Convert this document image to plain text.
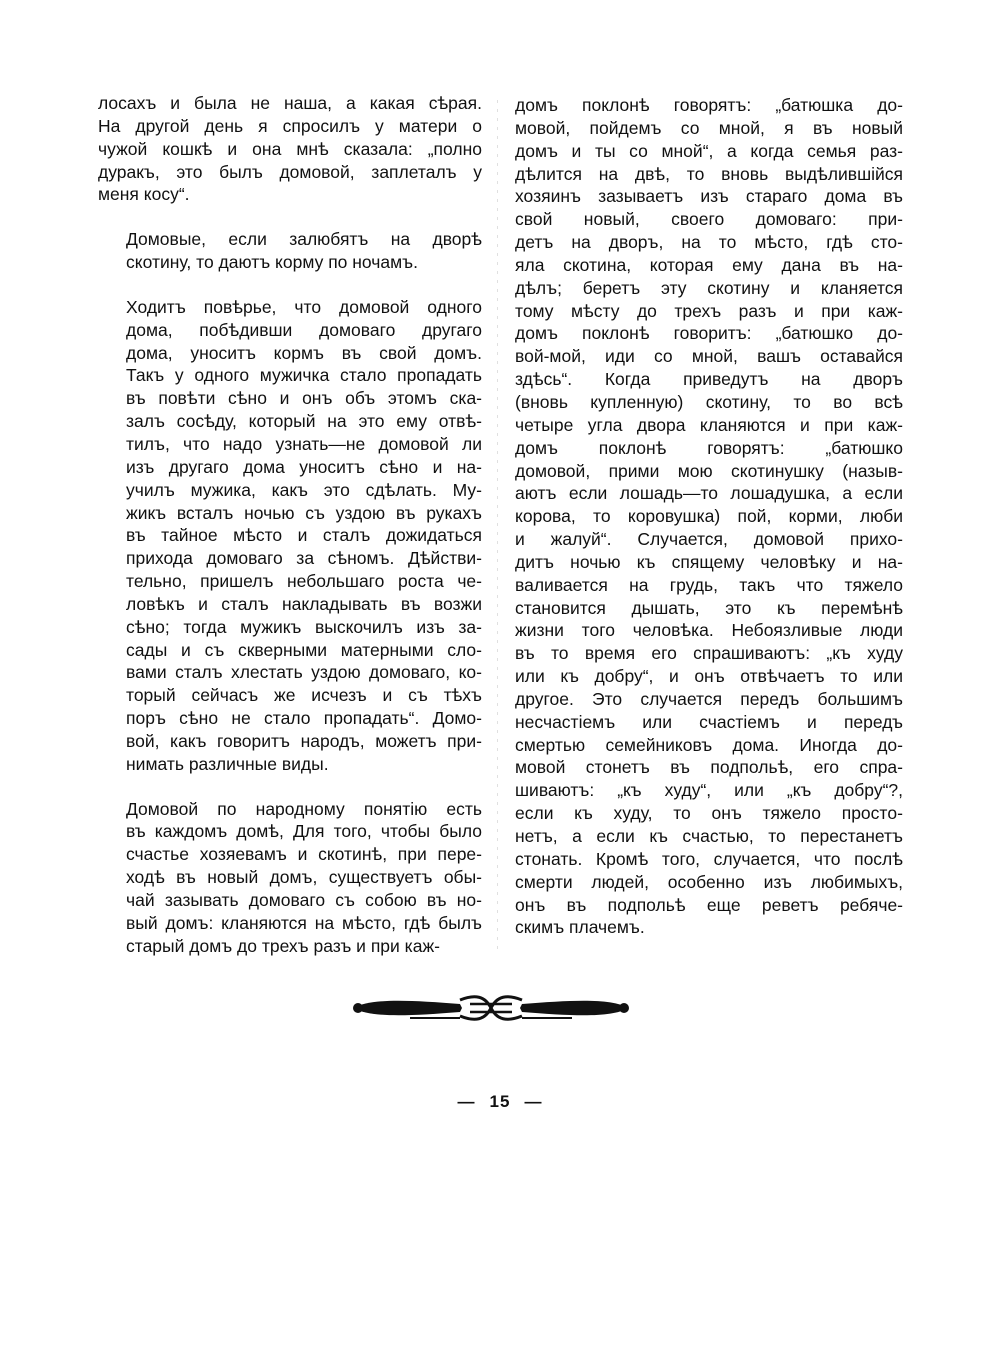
лосахъ и была не наша, а какая сѣрая.
На другой день я спросилъ у матери о
чужой кошкѣ и она мнѣ сказала: „полно
дуракъ, это былъ домовой, заплеталъ у
меня косу“.
Домовые, если залюбятъ на дворѣ
скотину, то даютъ корму по ночамъ.
Ходитъ повѣрье, что домовой одного
дома, побѣдивши домоваго другаго
дома, уноситъ кормъ въ свой домъ.
Такъ у одного мужичка стало пропадать
въ повѣти сѣно и онъ объ этомъ ска-
залъ сосѣду, который на это ему отвѣ-
тилъ, что надо узнать—не домовой ли
изъ другаго дома уноситъ сѣно и на-
училъ мужика, какъ это сдѣлать. Му-
жикъ всталъ ночью съ уздою въ рукахъ
въ тайное мѣсто и сталъ дожидаться
прихода домоваго за сѣномъ. Дѣйстви-
тельно, пришелъ небольшаго роста че-
ловѣкъ и сталъ накладывать въ возжи
сѣно; тогда мужикъ выскочилъ изъ за-
сады и съ скверными матерными сло-
вами сталъ хлестать уздою домоваго, ко-
торый сейчасъ же исчезъ и съ тѣхъ
поръ сѣно не стало пропадать“. Домо-
вой, какъ говоритъ народъ, можетъ при-
нимать различные виды.
Домовой по народному понятію есть
въ каждомъ домѣ, Для того, чтобы было
счастье хозяевамъ и скотинѣ, при пере-
ходѣ въ новый домъ, существуетъ обы-
чай зазывать домоваго съ собою въ но-
вый домъ: кланяются на мѣсто, гдѣ былъ
старый домъ до трехъ разъ и при каж-
домъ поклонѣ говорятъ: „батюшка до-
мовой, пойдемъ со мной, я въ новый
домъ и ты со мной“, а когда семья раз-
дѣлится на двѣ, то вновь выдѣлившійся
хозяинъ зазываетъ изъ стараго дома въ
свой новый, своего домоваго: при-
детъ на дворъ, на то мѣсто, гдѣ сто-
яла скотина, которая ему дана въ на-
дѣлъ; беретъ эту скотину и кланяется
тому мѣсту до трехъ разъ и при каж-
домъ поклонѣ говоритъ: „батюшко до-
вой-мой, иди со мной, вашъ оставайся
здѣсь“. Когда приведутъ на дворъ
(вновь купленную) скотину, то во всѣ
четыре угла двора кланяются и при каж-
домъ поклонѣ говорятъ: „батюшко
домовой, прими мою скотинушку (назыв-
аютъ если лошадь—то лошадушка, а если
корова, то коровушка) пой, корми, люби
и жалуй“. Случается, домовой прихо-
дитъ ночью къ спящему человѣку и на-
валивается на грудь, такъ что тяжело
становится дышать, это къ перемѣнѣ
жизни того человѣка. Небоязливые люди
въ то время его спрашиваютъ: „къ худу
или къ добру“, и онъ отвѣчаетъ то или
другое. Это случается передъ большимъ
несчастіемъ или счастіемъ и передъ
смертью семейниковъ дома. Иногда до-
мовой стонетъ въ подпольѣ, его спра-
шиваютъ: „къ худу“, или „къ добру“?,
если къ худу, то онъ тяжело простo-
нетъ, а если къ счастью, то перестанетъ
стонать. Кромѣ того, случается, что послѣ
смерти людей, особенно изъ любимыхъ,
онъ въ подпольѣ еще реветъ ребяче-
скимъ плачемъ.
— 15 —
